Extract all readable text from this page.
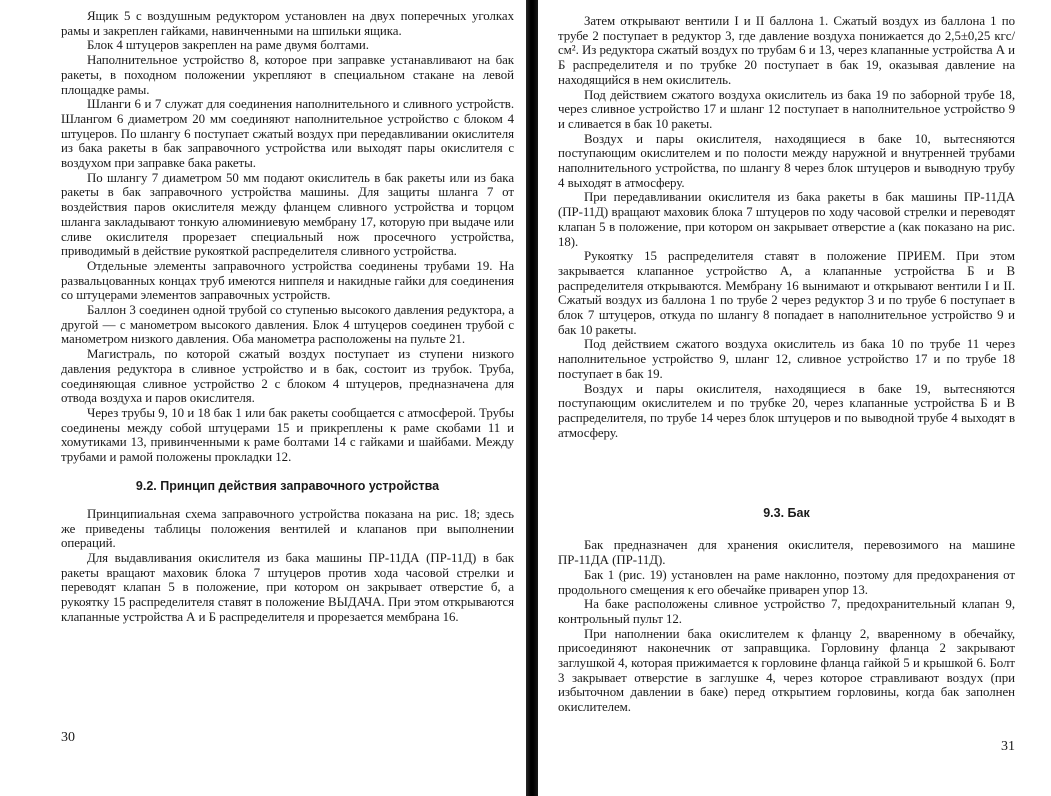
Ящик 5 с воздушным редуктором установлен на двух поперечных уголках рамы и закреплен гайками, навинченными на шпильки ящика.

Блок 4 штуцеров закреплен на раме двумя болтами.

Наполнительное устройство 8, которое при заправке устанавливают на бак ракеты, в походном положении укрепляют в специальном стакане на левой площадке рамы.

Шланги 6 и 7 служат для соединения наполнительного и сливного устройств. Шлангом 6 диаметром 20 мм соединяют наполнительное устройство с блоком 4 штуцеров. По шлангу 6 поступает сжатый воздух при передавливании окислителя из бака ракеты в бак заправочного устройства или выходят пары окислителя с воздухом при заправке бака ракеты.

По шлангу 7 диаметром 50 мм подают окислитель в бак ракеты или из бака ракеты в бак заправочного устройства машины. Для защиты шланга 7 от воздействия паров окислителя между фланцем сливного устройства и торцом шланга закладывают тонкую алюминиевую мембрану 17, которую при выдаче или сливе окислителя прорезает специальный нож просечного устройства, приводимый в действие рукояткой распределителя сливного устройства.

Отдельные элементы заправочного устройства соединены трубами 19. На развальцованных концах труб имеются ниппеля и накидные гайки для соединения со штуцерами элементов заправочных устройств.

Баллон 3 соединен одной трубой со ступенью высокого давления редуктора, а другой — с манометром высокого давления. Блок 4 штуцеров соединен трубой с манометром низкого давления. Оба манометра расположены на пульте 21.

Магистраль, по которой сжатый воздух поступает из ступени низкого давления редуктора в сливное устройство и в бак, состоит из трубок. Труба, соединяющая сливное устройство 2 с блоком 4 штуцеров, предназначена для отвода воздуха и паров окислителя.

Через трубы 9, 10 и 18 бак 1 или бак ракеты сообщается с атмосферой. Трубы соединены между собой штуцерами 15 и прикреплены к раме скобами 11 и хомутиками 13, привинченными к раме болтами 14 с гайками и шайбами. Между трубами и рамой положены прокладки 12.

9.2. Принцип действия заправочного устройства

Принципиальная схема заправочного устройства показана на рис. 18; здесь же приведены таблицы положения вентилей и клапанов при выполнении операций.

Для выдавливания окислителя из бака машины ПР-11ДА (ПР-11Д) в бак ракеты вращают маховик блока 7 штуцеров против хода часовой стрелки и переводят клапан 5 в положение, при котором он закрывает отверстие б, а рукоятку 15 распределителя ставят в положение ВЫДАЧА. При этом открываются клапанные устройства А и Б распределителя и прорезается мембрана 16.

30

Затем открывают вентили I и II баллона 1. Сжатый воздух из баллона 1 по трубе 2 поступает в редуктор 3, где давление воздуха понижается до 2,5±0,25 кгс/см². Из редуктора сжатый воздух по трубам 6 и 13, через клапанные устройства А и Б распределителя и по трубке 20 поступает в бак 19, оказывая давление на находящийся в нем окислитель.

Под действием сжатого воздуха окислитель из бака 19 по заборной трубе 18, через сливное устройство 17 и шланг 12 поступает в наполнительное устройство 9 и сливается в бак 10 ракеты.

Воздух и пары окислителя, находящиеся в баке 10, вытесняются поступающим окислителем и по полости между наружной и внутренней трубами наполнительного устройства, по шлангу 8 через блок штуцеров и выводную трубу 4 выходят в атмосферу.

При передавливании окислителя из бака ракеты в бак машины ПР-11ДА (ПР-11Д) вращают маховик блока 7 штуцеров по ходу часовой стрелки и переводят клапан 5 в положение, при котором он закрывает отверстие а (как показано на рис. 18).

Рукоятку 15 распределителя ставят в положение ПРИЕМ. При этом закрывается клапанное устройство А, а клапанные устройства Б и В распределителя открываются. Мембрану 16 вынимают и открывают вентили I и II. Сжатый воздух из баллона 1 по трубе 2 через редуктор 3 и по трубе 6 поступает в блок 7 штуцеров, откуда по шлангу 8 попадает в наполнительное устройство 9 и бак 10 ракеты.

Под действием сжатого воздуха окислитель из бака 10 по трубе 11 через наполнительное устройство 9, шланг 12, сливное устройство 17 и по трубе 18 поступает в бак 19.

Воздух и пары окислителя, находящиеся в баке 19, вытесняются поступающим окислителем и по трубке 20, через клапанные устройства Б и В распределителя, по трубе 14 через блок штуцеров и по выводной трубе 4 выходят в атмосферу.

9.3. Бак

Бак предназначен для хранения окислителя, перевозимого на машине ПР-11ДА (ПР-11Д).

Бак 1 (рис. 19) установлен на раме наклонно, поэтому для предохранения от продольного смещения к его обечайке приварен упор 13.

На баке расположены сливное устройство 7, предохранительный клапан 9, контрольный пульт 12.

При наполнении бака окислителем к фланцу 2, вваренному в обечайку, присоединяют наконечник от заправщика. Горловину фланца 2 закрывают заглушкой 4, которая прижимается к горловине фланца гайкой 5 и крышкой 6. Болт 3 закрывает отверстие в заглушке 4, через которое стравливают воздух (при избыточном давлении в баке) перед открытием горловины, когда бак заполнен окислителем.

31
